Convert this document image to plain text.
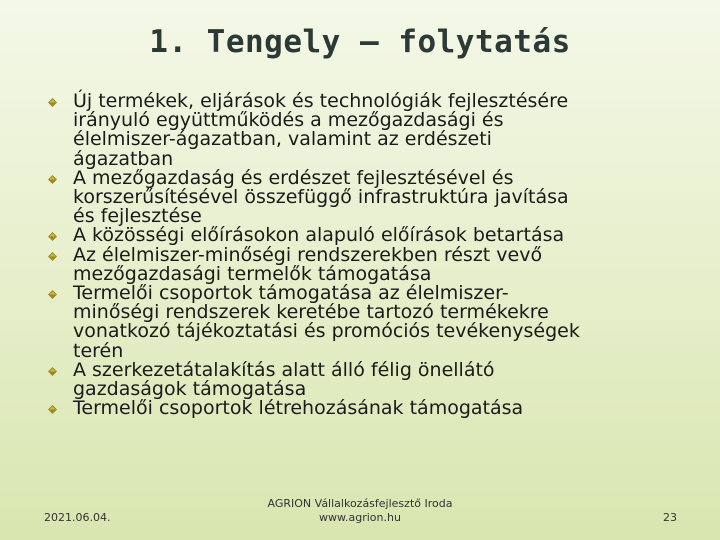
1. Tengely – folytatás
Új termékek, eljárások és technológiák fejlesztésére
irányuló együttműködés a mezőgazdasági és
élelmiszer-ágazatban, valamint az erdészeti
ágazatban
A mezőgazdaság és erdészet fejlesztésével és
korszerűsítésével összefüggő infrastruktúra javítása
és fejlesztése
A közösségi előírásokon alapuló előírások betartása
Az élelmiszer-minőségi rendszerekben részt vevő
mezőgazdasági termelők támogatása
Termelői csoportok támogatása az élelmiszer-
minőségi rendszerek keretébe tartozó termékekre
vonatkozó tájékoztatási és promóciós tevékenységek
terén
A szerkezetátalakítás alatt álló félig önellátó
gazdaságok támogatása
Termelői csoportok létrehozásának támogatása
2021.06.04.
AGRION Vállalkozásfejlesztő Iroda
www.agrion.hu	23
